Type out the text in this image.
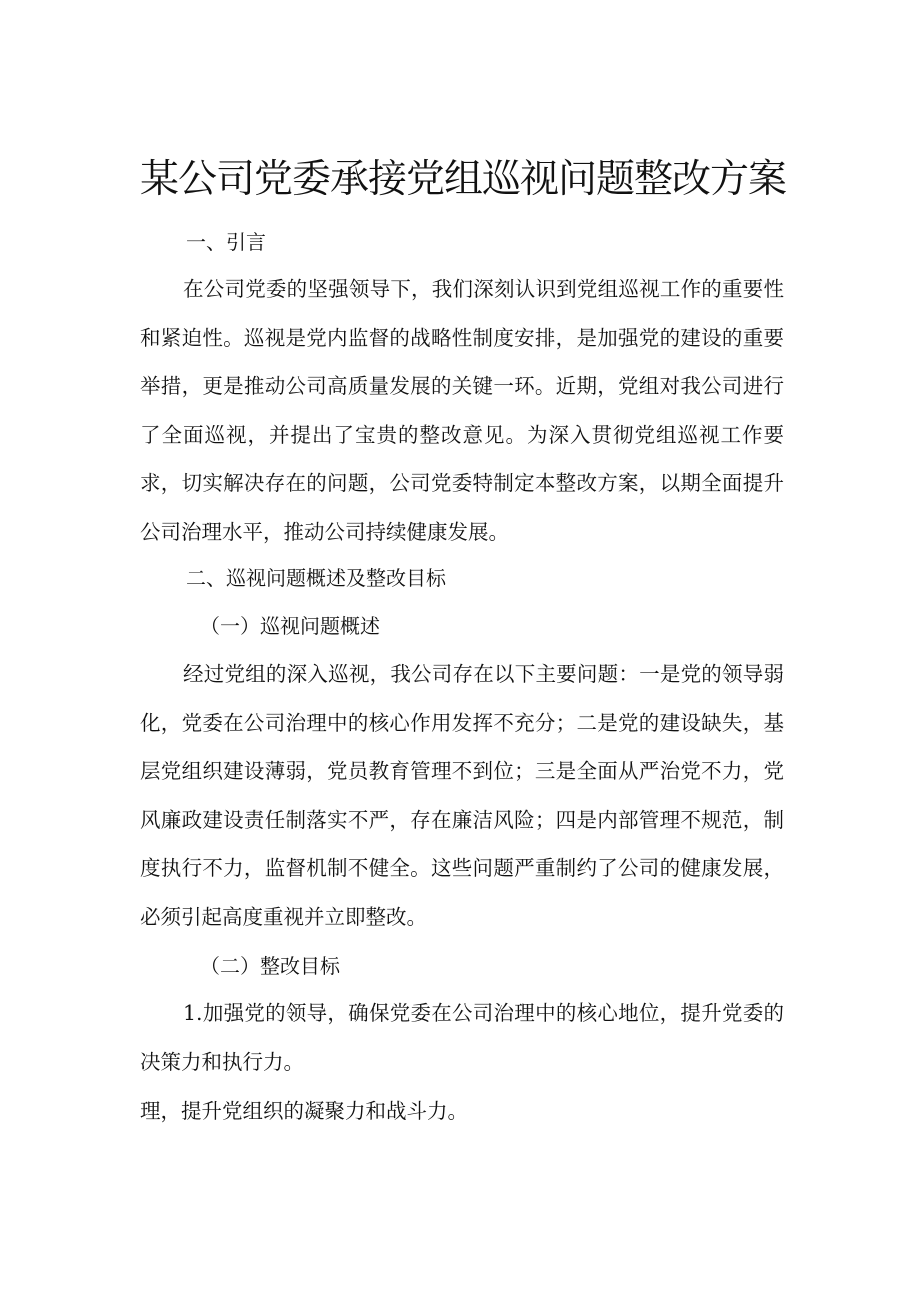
某公司党委承接党组巡视问题整改方案

一、引言

在公司党委的坚强领导下，我们深刻认识到党组巡视工作的重要性和紧迫性。巡视是党内监督的战略性制度安排，是加强党的建设的重要举措，更是推动公司高质量发展的关键一环。近期，党组对我公司进行了全面巡视，并提出了宝贵的整改意见。为深入贯彻党组巡视工作要求，切实解决存在的问题，公司党委特制定本整改方案，以期全面提升公司治理水平，推动公司持续健康发展。

二、巡视问题概述及整改目标

（一）巡视问题概述

经过党组的深入巡视，我公司存在以下主要问题：一是党的领导弱化，党委在公司治理中的核心作用发挥不充分；二是党的建设缺失，基层党组织建设薄弱，党员教育管理不到位；三是全面从严治党不力，党风廉政建设责任制落实不严，存在廉洁风险；四是内部管理不规范，制度执行不力，监督机制不健全。这些问题严重制约了公司的健康发展，必须引起高度重视并立即整改。

（二）整改目标

1.加强党的领导，确保党委在公司治理中的核心地位，提升党委的决策力和执行力。

理，提升党组织的凝聚力和战斗力。
